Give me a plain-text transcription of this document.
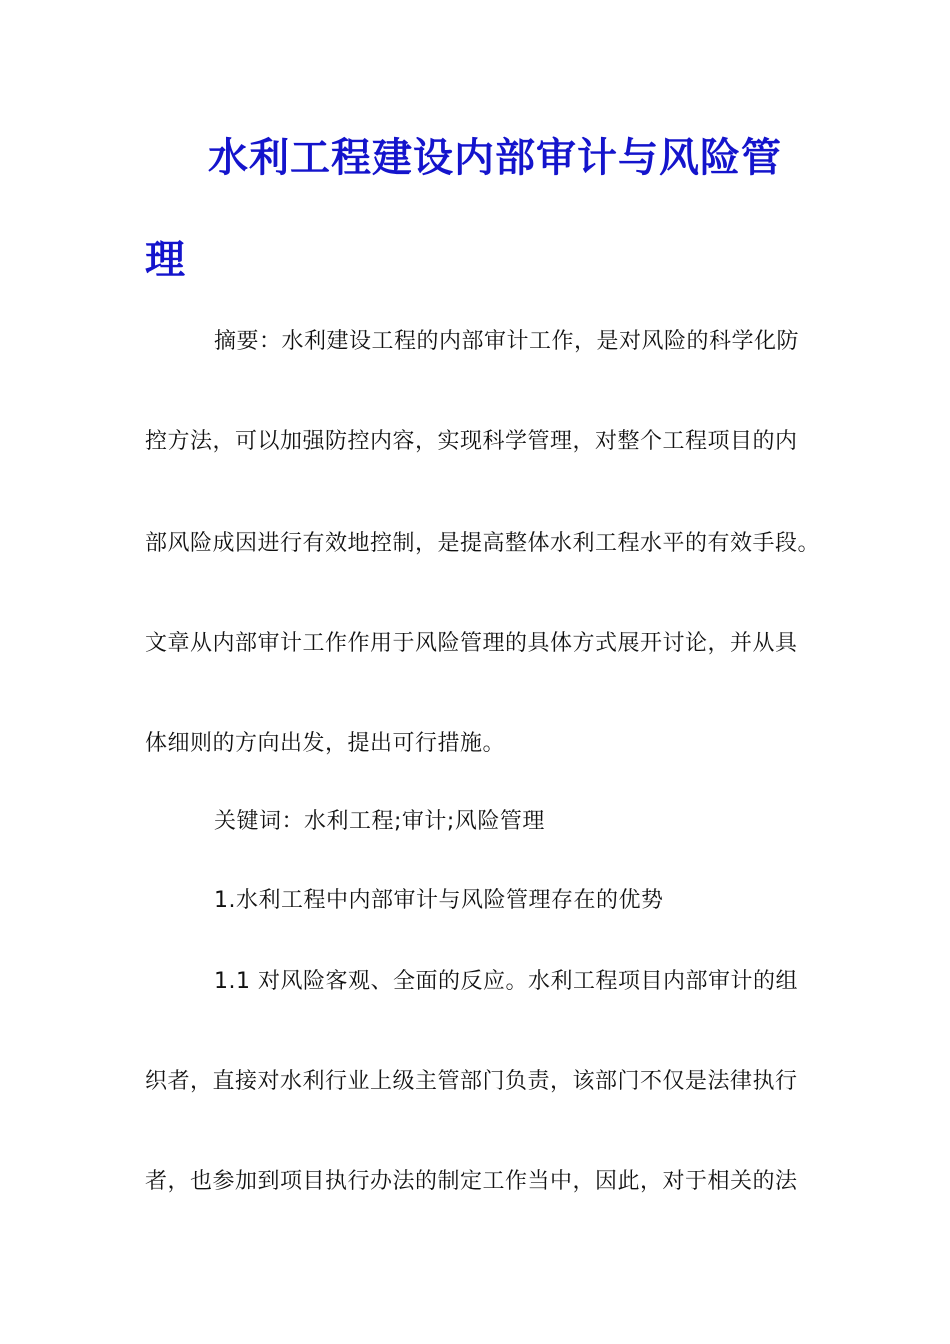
水利工程建设内部审计与风险管
理
摘要：水利建设工程的内部审计工作，是对风险的科学化防
控方法，可以加强防控内容，实现科学管理，对整个工程项目的内
部风险成因进行有效地控制，是提高整体水利工程水平的有效手段。
文章从内部审计工作作用于风险管理的具体方式展开讨论，并从具
体细则的方向出发，提出可行措施。
关键词：水利工程;审计;风险管理
1.水利工程中内部审计与风险管理存在的优势
1.1 对风险客观、全面的反应。水利工程项目内部审计的组
织者，直接对水利行业上级主管部门负责，该部门不仅是法律执行
者，也参加到项目执行办法的制定工作当中，因此，对于相关的法
